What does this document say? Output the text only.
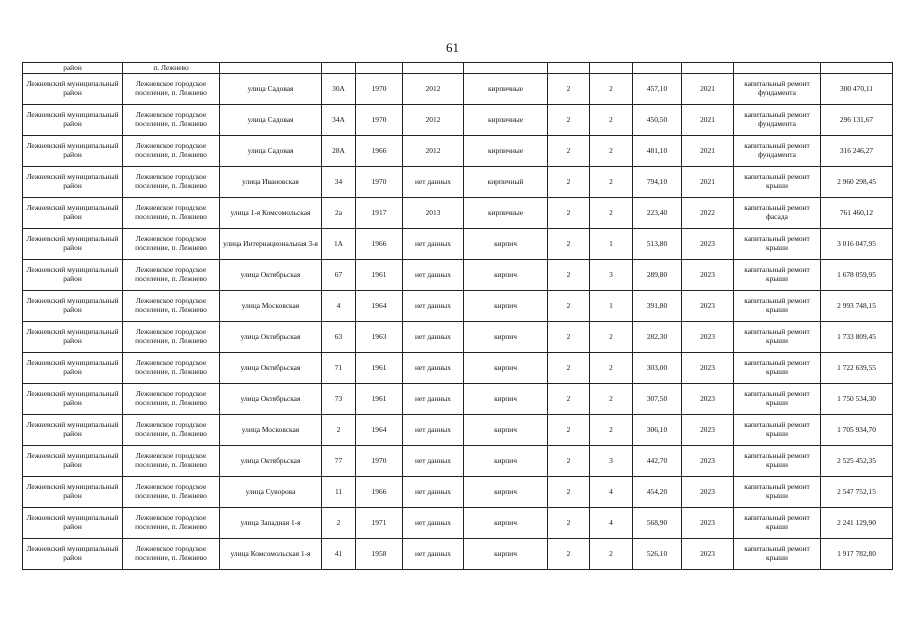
61
район	п. Лежнево											
Лежневский муниципальный район	Лежневское городское поселение, п. Лежнево	улица Садовая	30А	1970	2012	кирпичные	2	2	457,10	2021	капитальный ремонт фундамента	300 470,11
Лежневский муниципальный район	Лежневское городское поселение, п. Лежнево	улица Садовая	34А	1970	2012	кирпичные	2	2	450,50	2021	капитальный ремонт фундамента	296 131,67
Лежневский муниципальный район	Лежневское городское поселение, п. Лежнево	улица Садовая	28А	1966	2012	кирпичные	2	2	481,10	2021	капитальный ремонт фундамента	316 246,27
Лежневский муниципальный район	Лежневское городское поселение, п. Лежнево	улица Ивановская	34	1970	нет данных	кирпичный	2	2	794,10	2021	капитальный ремонт крыши	2 960 298,45
Лежневский муниципальный район	Лежневское городское поселение, п. Лежнево	улица 1-я Комсомольская	2а	1917	2013	кирпичные	2	2	223,40	2022	капитальный ремонт фасада	761 460,12
Лежневский муниципальный район	Лежневское городское поселение, п. Лежнево	улица Интернациональная 3-я	1А	1966	нет данных	кирпич	2	1	513,80	2023	капитальный ремонт крыши	3 016 047,95
Лежневский муниципальный район	Лежневское городское поселение, п. Лежнево	улица Октябрьская	67	1961	нет данных	кирпич	2	3	289,80	2023	капитальный ремонт крыши	1 678 059,95
Лежневский муниципальный район	Лежневское городское поселение, п. Лежнево	улица Московская	4	1964	нет данных	кирпич	2	1	391,80	2023	капитальный ремонт крыши	2 993 748,15
Лежневский муниципальный район	Лежневское городское поселение, п. Лежнево	улица Октябрьская	63	1963	нет данных	кирпич	2	2	282,30	2023	капитальный ремонт крыши	1 733 809,45
Лежневский муниципальный район	Лежневское городское поселение, п. Лежнево	улица Октябрьская	71	1961	нет данных	кирпич	2	2	303,00	2023	капитальный ремонт крыши	1 722 639,55
Лежневский муниципальный район	Лежневское городское поселение, п. Лежнево	улица Октябрьская	73	1961	нет данных	кирпич	2	2	307,50	2023	капитальный ремонт крыши	1 750 534,30
Лежневский муниципальный район	Лежневское городское поселение, п. Лежнево	улица Московская	2	1964	нет данных	кирпич	2	2	306,10	2023	капитальный ремонт крыши	1 705 934,70
Лежневский муниципальный район	Лежневское городское поселение, п. Лежнево	улица Октябрьская	77	1970	нет данных	кирпич	2	3	442,70	2023	капитальный ремонт крыши	2 525 452,35
Лежневский муниципальный район	Лежневское городское поселение, п. Лежнево	улица Суворова	11	1966	нет данных	кирпич	2	4	454,20	2023	капитальный ремонт крыши	2 547 752,15
Лежневский муниципальный район	Лежневское городское поселение, п. Лежнево	улица Западная 1-я	2	1971	нет данных	кирпич	2	4	568,90	2023	капитальный ремонт крыши	2 241 129,90
Лежневский муниципальный район	Лежневское городское поселение, п. Лежнево	улица Комсомольская 1-я	41	1958	нет данных	кирпич	2	2	526,10	2023	капитальный ремонт крыши	1 917 782,80
